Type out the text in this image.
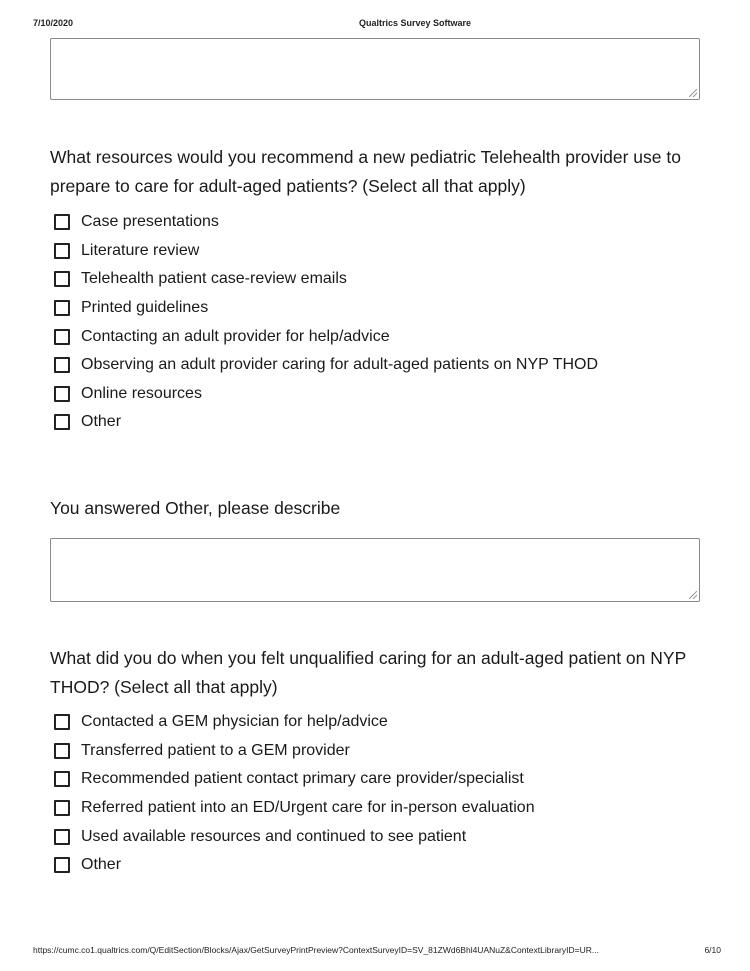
7/10/2020	Qualtrics Survey Software
What resources would you recommend a new pediatric Telehealth provider use to prepare to care for adult-aged patients? (Select all that apply)
Case presentations
Literature review
Telehealth patient case-review emails
Printed guidelines
Contacting an adult provider for help/advice
Observing an adult provider caring for adult-aged patients on NYP THOD
Online resources
Other
You answered Other, please describe
What did you do when you felt unqualified caring for an adult-aged patient on NYP THOD? (Select all that apply)
Contacted a GEM physician for help/advice
Transferred patient to a GEM provider
Recommended patient contact primary care provider/specialist
Referred patient into an ED/Urgent care for in-person evaluation
Used available resources and continued to see patient
Other
https://cumc.co1.qualtrics.com/Q/EditSection/Blocks/Ajax/GetSurveyPrintPreview?ContextSurveyID=SV_81ZWd6Bhl4UANuZ&ContextLibraryID=UR...	6/10
